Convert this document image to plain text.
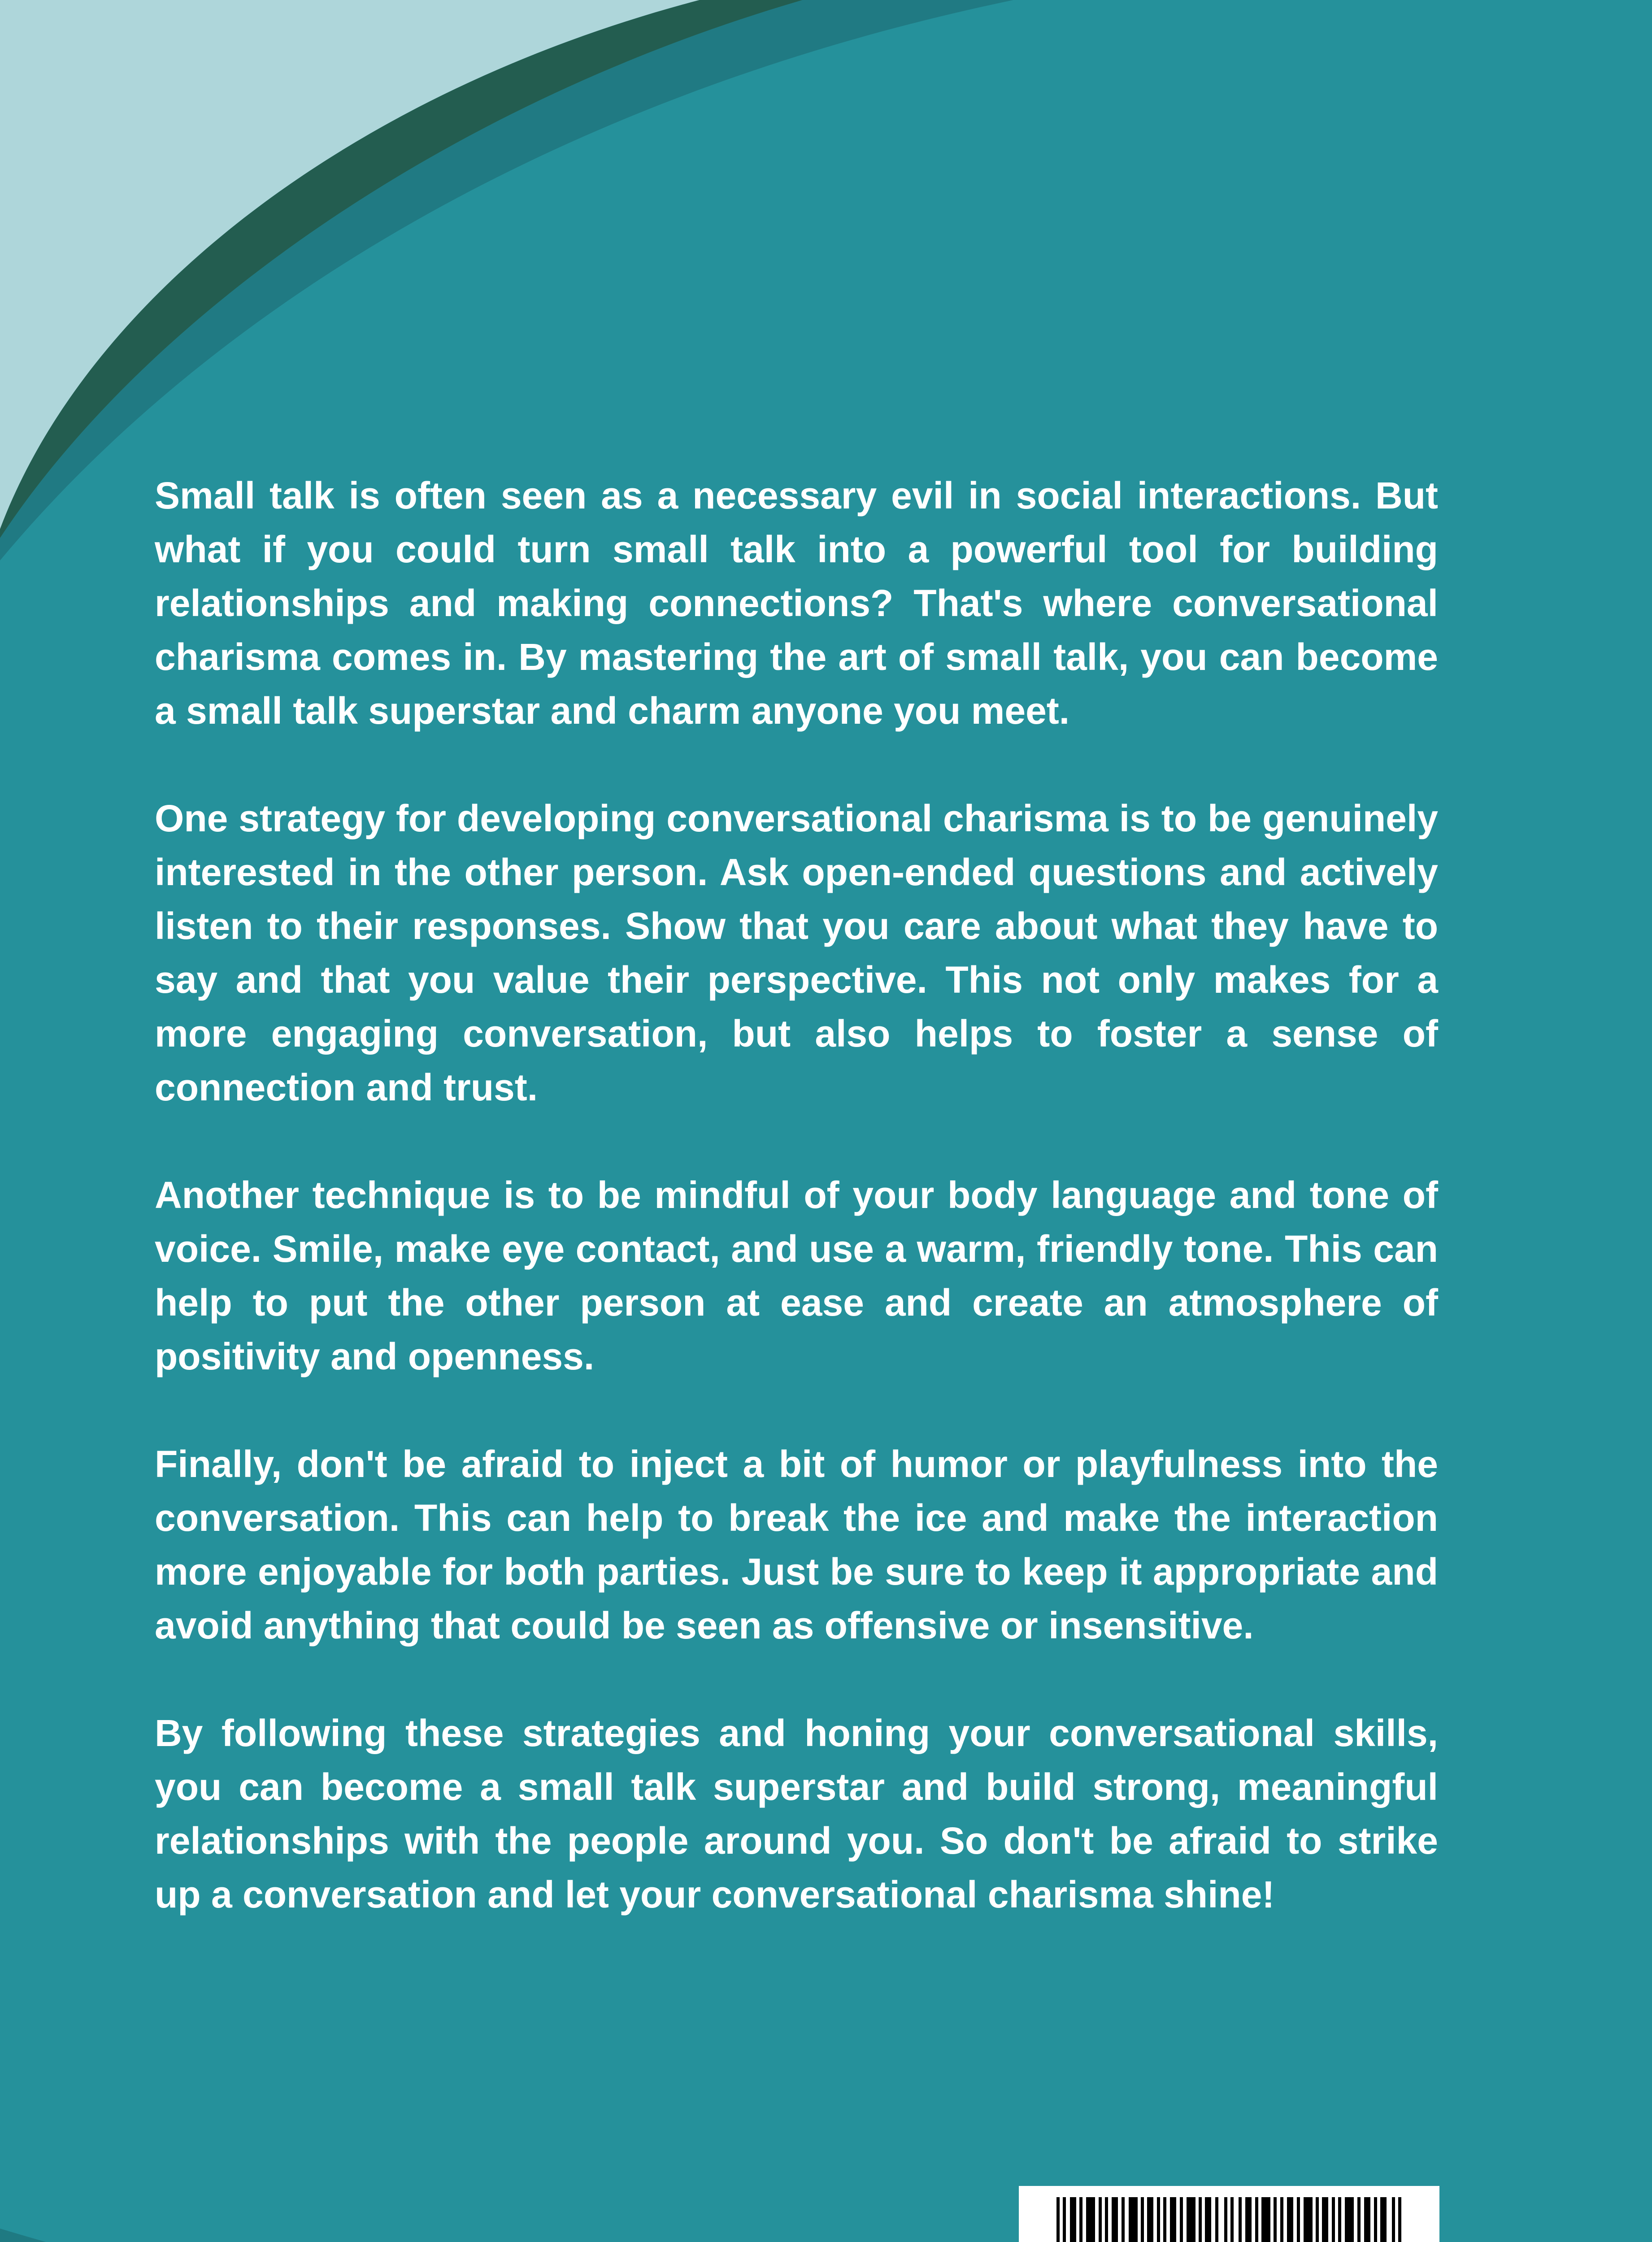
Small talk is often seen as a necessary evil in social interactions. But what if you could turn small talk into a powerful tool for building relationships and making connections? That's where conversational charisma comes in. By mastering the art of small talk, you can become a small talk superstar and charm anyone you meet.

One strategy for developing conversational charisma is to be genuinely interested in the other person. Ask open-ended questions and actively listen to their responses. Show that you care about what they have to say and that you value their perspective. This not only makes for a more engaging conversation, but also helps to foster a sense of connection and trust.

Another technique is to be mindful of your body language and tone of voice. Smile, make eye contact, and use a warm, friendly tone. This can help to put the other person at ease and create an atmosphere of positivity and openness.

Finally, don't be afraid to inject a bit of humor or playfulness into the conversation. This can help to break the ice and make the interaction more enjoyable for both parties. Just be sure to keep it appropriate and avoid anything that could be seen as offensive or insensitive.

By following these strategies and honing your conversational skills, you can become a small talk superstar and build strong, meaningful relationships with the people around you. So don't be afraid to strike up a conversation and let your conversational charisma shine!
